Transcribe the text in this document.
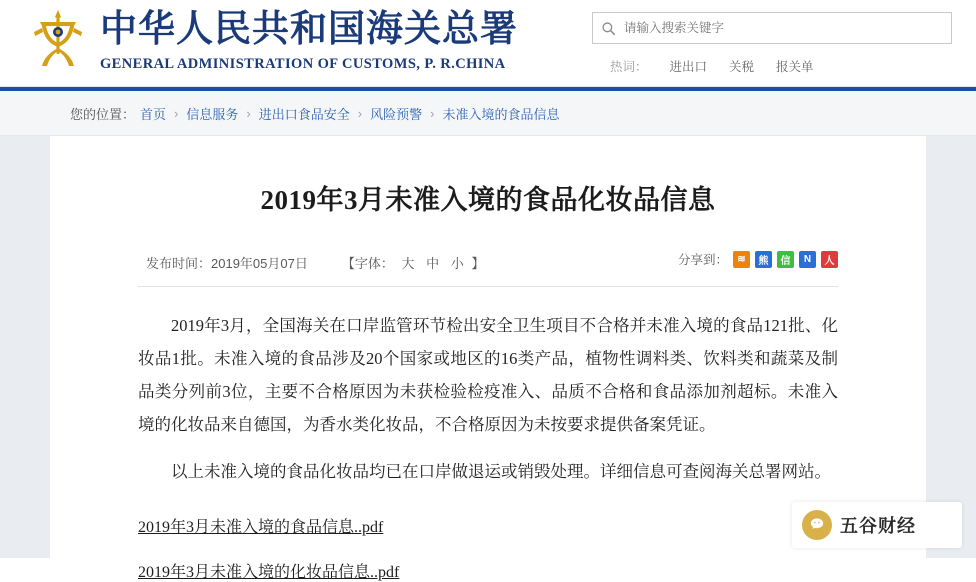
中华人民共和国海关总署
GENERAL ADMINISTRATION OF CUSTOMS, P. R.CHINA
请输入搜索关键字	热词： 进出口 关税 报关单
您的位置： 首页 › 信息服务 › 进出口食品安全 › 风险预警 › 未准入境的食品信息
2019年3月未准入境的食品化妆品信息
发布时间： 2019年05月07日	【字体： 大 中 小 】	分享到： ≋	熊	信	N	人
2019年3月，全国海关在口岸监管环节检出安全卫生项目不合格并未准入境的食品121批、化妆品1批。未准入境的食品涉及20个国家或地区的16类产品，植物性调料类、饮料类和蔬菜及制品类分列前3位，主要不合格原因为未获检验检疫准入、品质不合格和食品添加剂超标。未准入境的化妆品来自德国，为香水类化妆品，不合格原因为未按要求提供备案凭证。
以上未准入境的食品化妆品均已在口岸做退运或销毁处理。详细信息可查阅海关总署网站。
2019年3月未准入境的食品信息..pdf
2019年3月未准入境的化妆品信息..pdf
五谷财经
